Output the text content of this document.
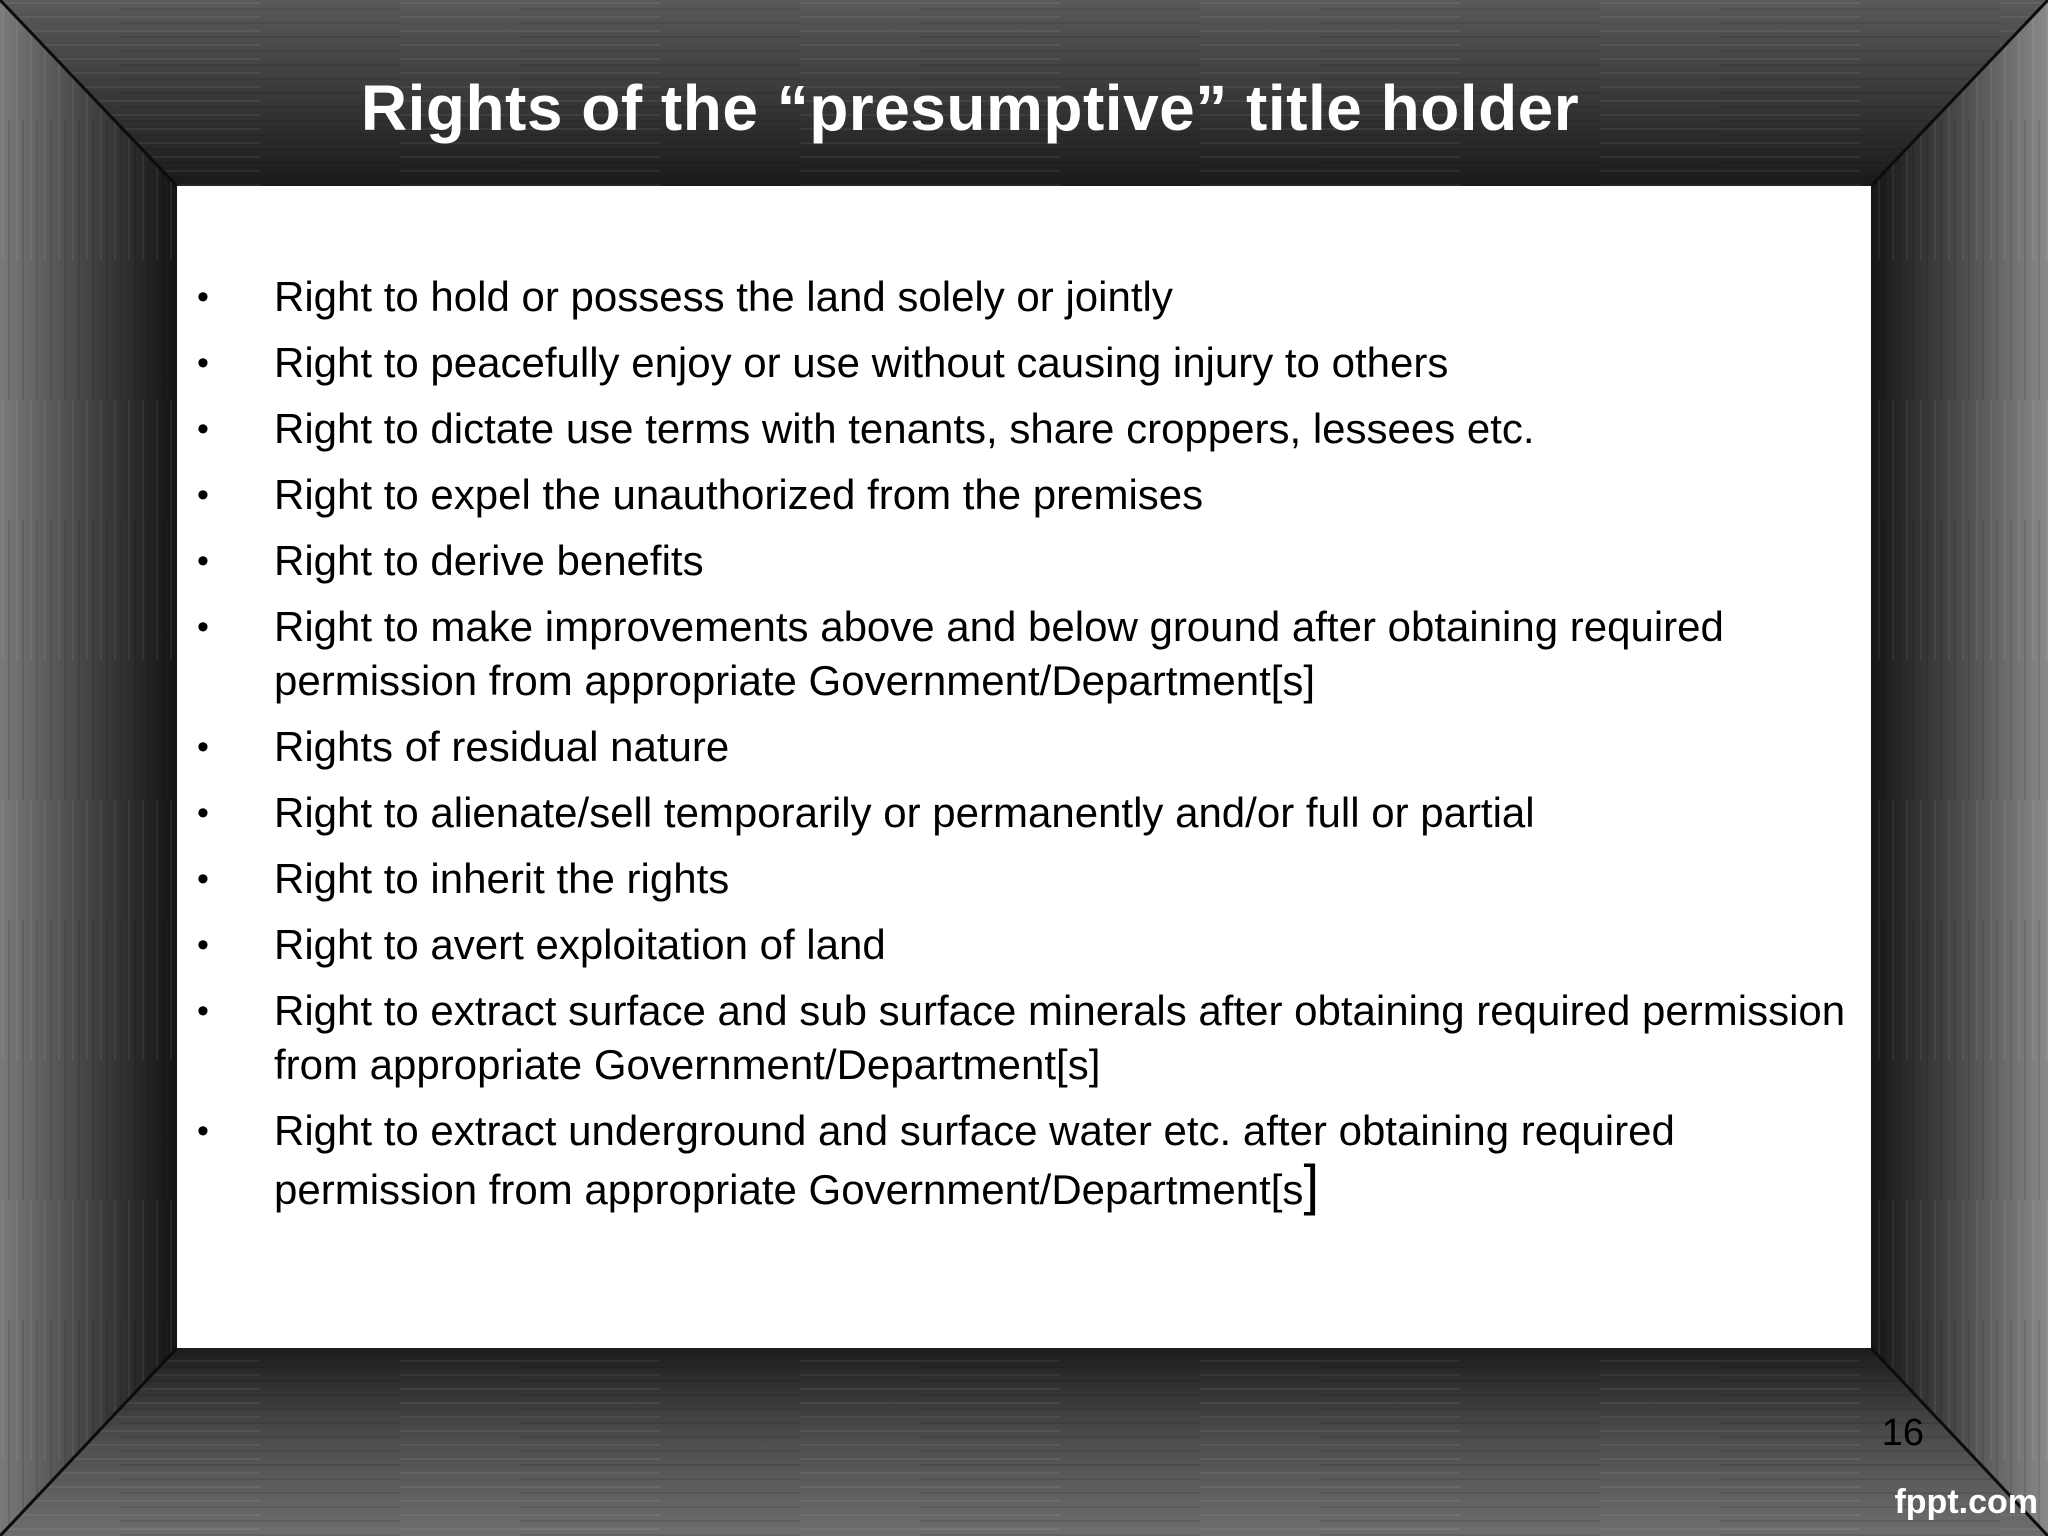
Rights of the “presumptive” title holder
• Right to hold or possess the land solely or jointly
• Right to peacefully enjoy or use without causing injury to others
• Right to dictate use terms with tenants, share croppers, lessees etc.
• Right to expel the unauthorized from the premises
• Right to derive benefits
• Right to make improvements above and below ground after obtaining required permission from appropriate Government/Department[s]
• Rights of residual nature
• Right to alienate/sell temporarily or permanently and/or full or partial
• Right to inherit the rights
• Right to avert exploitation of land
• Right to extract surface and sub surface minerals after obtaining required permission from appropriate Government/Department[s]
• Right to extract underground and surface water etc. after obtaining required permission from appropriate Government/Department[s]
16
fppt.com
